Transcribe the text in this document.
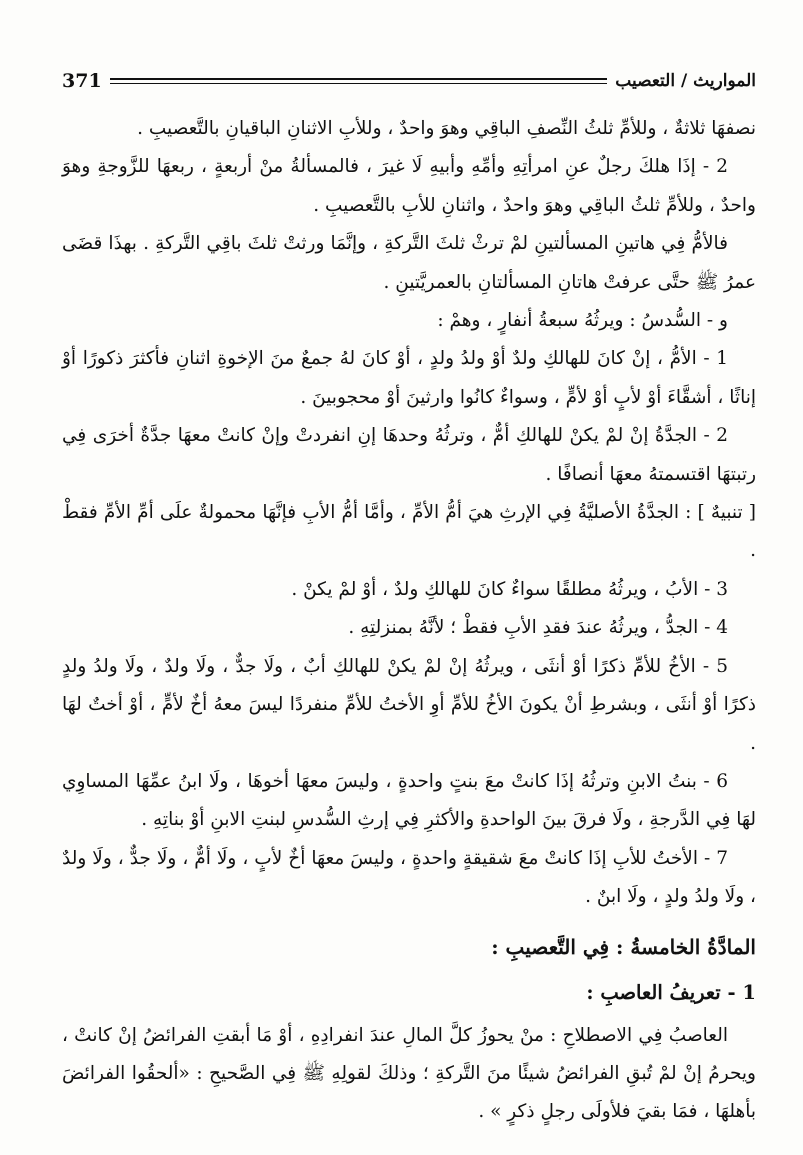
المواريث / التعصيب
371

نصفهَا ثلاثةٌ ، وللأمِّ ثلثُ النِّصفِ الباقِي وهوَ واحدٌ ، وللأبِ الاثنانِ الباقيانِ بالتَّعصيبِ .

2 - إذَا هلكَ رجلٌ عنِ امرأتِهِ وأمِّهِ وأبيهِ لَا غيرَ ، فالمسألةُ منْ أربعةٍ ، ربعهَا للزَّوجةِ وهوَ واحدٌ ، وللأمِّ ثلثُ الباقِي وهوَ واحدٌ ، واثنانِ للأبِ بالتَّعصيبِ .

فالأمُّ فِي هاتينِ المسألتينِ لمْ ترثْ ثلثَ التَّركةِ ، وإنَّمَا ورثتْ ثلثَ باقِي التَّركةِ . بهذَا قضَى عمرُ ﷺ حتَّى عرفتْ هاتانِ المسألتانِ بالعمريَّتينِ .

و - السُّدسُ : ويرثُهُ سبعةُ أنفارٍ ، وهمْ :

1 - الأمُّ ، إنْ كانَ للهالكِ ولدٌ أوْ ولدُ ولدٍ ، أوْ كانَ لهُ جمعٌ منَ الإخوةِ اثنانِ فأكثرَ ذكورًا أوْ إناثًا ، أشقَّاءَ أوْ لأبٍ أوْ لأمٍّ ، وسواءٌ كانُوا وارثينَ أوْ محجوبينَ .

2 - الجدَّةُ إنْ لمْ يكنْ للهالكِ أمٌّ ، وترثُهُ وحدهَا إنِ انفردتْ وإنْ كانتْ معهَا جدَّةٌ أخرَى فِي رتبتهَا اقتسمتهُ معهَا أنصافًا .

[ تنبيهٌ ] : الجدَّةُ الأصليَّةُ فِي الإرثِ هيَ أمُّ الأمِّ ، وأمَّا أمُّ الأبِ فإنَّهَا محمولةٌ علَى أمِّ الأمِّ فقطْ .

3 - الأبُ ، ويرثُهُ مطلقًا سواءٌ كانَ للهالكِ ولدٌ ، أوْ لمْ يكنْ .

4 - الجدُّ ، ويرثُهُ عندَ فقدِ الأبِ فقطْ ؛ لأنَّهُ بمنزلتِهِ .

5 - الأخُ للأمِّ ذكرًا أوْ أنثَى ، ويرثُهُ إنْ لمْ يكنْ للهالكِ أبٌ ، ولَا جدٌّ ، ولَا ولدٌ ، ولَا ولدُ ولدٍ ذكرًا أوْ أنثَى ، وبشرطِ أنْ يكونَ الأخُ للأمِّ أوِ الأختُ للأمِّ منفردًا ليسَ معهُ أخٌ لأمٍّ ، أوْ أختٌ لهَا .

6 - بنتُ الابنِ وترثُهُ إذَا كانتْ معَ بنتٍ واحدةٍ ، وليسَ معهَا أخوهَا ، ولَا ابنُ عمِّهَا المساوِي لهَا فِي الدَّرجةِ ، ولَا فرقَ بينَ الواحدةِ والأكثرِ فِي إرثِ السُّدسِ لبنتِ الابنِ أوْ بناتِهِ .

7 - الأختُ للأبِ إذَا كانتْ معَ شقيقةٍ واحدةٍ ، وليسَ معهَا أخٌ لأبٍ ، ولَا أمٌّ ، ولَا جدٌّ ، ولَا ولدٌ ، ولَا ولدُ ولدٍ ، ولَا ابنٌ .

المادَّةُ الخامسةُ : فِي التَّعصيبِ :
1 - تعريفُ العاصبِ :

العاصبُ فِي الاصطلاحِ : منْ يحوزُ كلَّ المالِ عندَ انفرادِهِ ، أوْ مَا أبقتِ الفرائضُ إنْ كانتْ ، ويحرمُ إنْ لمْ تُبقِ الفرائضُ شيئًا منَ التَّركةِ ؛ وذلكَ لقولِهِ ﷺ فِي الصَّحيحِ : «ألحقُوا الفرائضَ بأهلهَا ، فمَا بقيَ فلأولَى رجلٍ ذكرٍ » .
